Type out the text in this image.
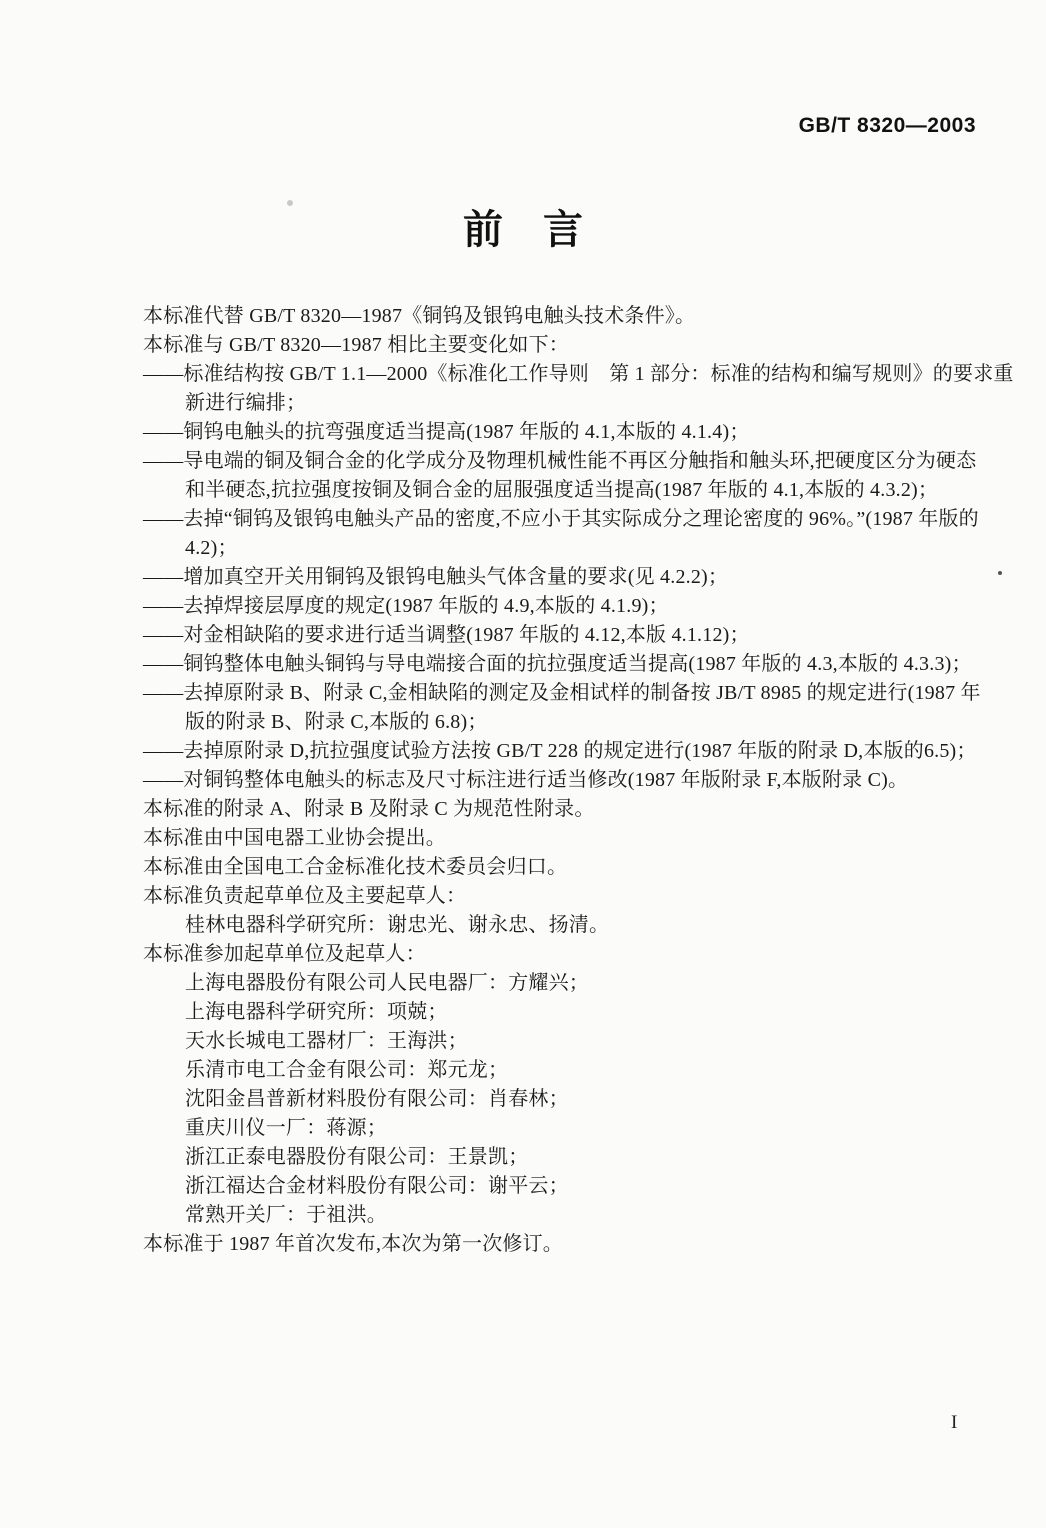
GB/T 8320—2003
前　言
本标准代替 GB/T 8320—1987《铜钨及银钨电触头技术条件》。
本标准与 GB/T 8320—1987 相比主要变化如下：
——标准结构按 GB/T 1.1—2000《标准化工作导则　第 1 部分：标准的结构和编写规则》的要求重
新进行编排；
——铜钨电触头的抗弯强度适当提高(1987 年版的 4.1,本版的 4.1.4)；
——导电端的铜及铜合金的化学成分及物理机械性能不再区分触指和触头环,把硬度区分为硬态
和半硬态,抗拉强度按铜及铜合金的屈服强度适当提高(1987 年版的 4.1,本版的 4.3.2)；
——去掉“铜钨及银钨电触头产品的密度,不应小于其实际成分之理论密度的 96%。”(1987 年版的
4.2)；
——增加真空开关用铜钨及银钨电触头气体含量的要求(见 4.2.2)；
——去掉焊接层厚度的规定(1987 年版的 4.9,本版的 4.1.9)；
——对金相缺陷的要求进行适当调整(1987 年版的 4.12,本版 4.1.12)；
——铜钨整体电触头铜钨与导电端接合面的抗拉强度适当提高(1987 年版的 4.3,本版的 4.3.3)；
——去掉原附录 B、附录 C,金相缺陷的测定及金相试样的制备按 JB/T 8985 的规定进行(1987 年
版的附录 B、附录 C,本版的 6.8)；
——去掉原附录 D,抗拉强度试验方法按 GB/T 228 的规定进行(1987 年版的附录 D,本版的6.5)；
——对铜钨整体电触头的标志及尺寸标注进行适当修改(1987 年版附录 F,本版附录 C)。
本标准的附录 A、附录 B 及附录 C 为规范性附录。
本标准由中国电器工业协会提出。
本标准由全国电工合金标准化技术委员会归口。
本标准负责起草单位及主要起草人：
桂林电器科学研究所：谢忠光、谢永忠、扬清。
本标准参加起草单位及起草人：
上海电器股份有限公司人民电器厂：方耀兴；
上海电器科学研究所：项兢；
天水长城电工器材厂：王海洪；
乐清市电工合金有限公司：郑元龙；
沈阳金昌普新材料股份有限公司：肖春林；
重庆川仪一厂：蒋源；
浙江正泰电器股份有限公司：王景凯；
浙江福达合金材料股份有限公司：谢平云；
常熟开关厂：于祖洪。
本标准于 1987 年首次发布,本次为第一次修订。
I
